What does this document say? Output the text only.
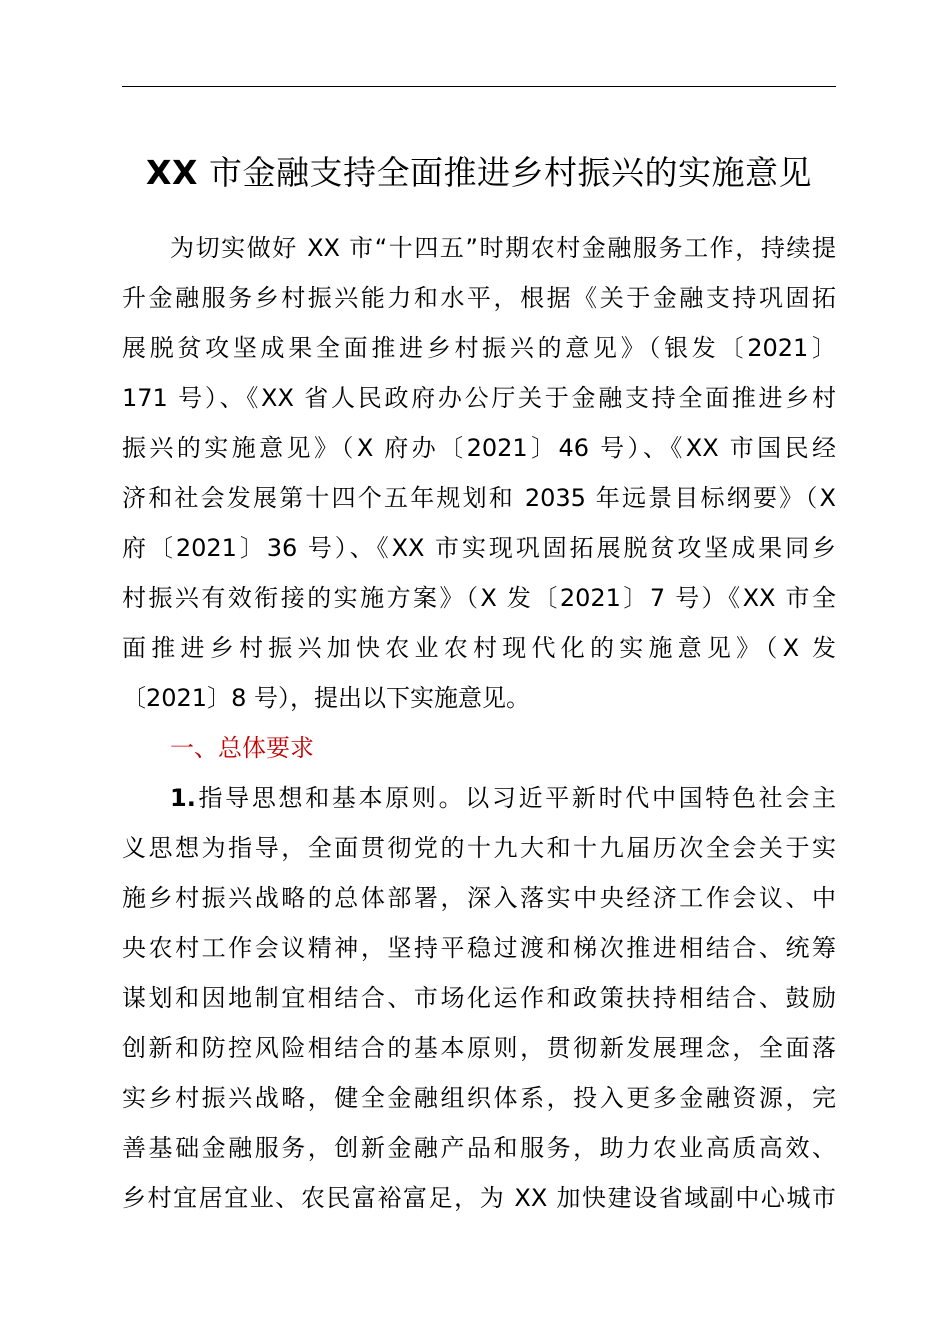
XX 市金融支持全面推进乡村振兴的实施意见
为切实做好 XX 市“十四五”时期农村金融服务工作，持续提
升金融服务乡村振兴能力和水平，根据《关于金融支持巩固拓
展脱贫攻坚成果全面推进乡村振兴的意见》（银发〔2021〕
171 号）、《XX 省人民政府办公厅关于金融支持全面推进乡村
振兴的实施意见》（X 府办〔2021〕46 号）、《XX 市国民经
济和社会发展第十四个五年规划和 2035 年远景目标纲要》（X
府〔2021〕36 号）、《XX 市实现巩固拓展脱贫攻坚成果同乡
村振兴有效衔接的实施方案》（X 发〔2021〕7 号）《XX 市全
面推进乡村振兴加快农业农村现代化的实施意见》（X 发
〔2021〕8 号），提出以下实施意见。
一、总体要求
1.指导思想和基本原则。以习近平新时代中国特色社会主
义思想为指导，全面贯彻党的十九大和十九届历次全会关于实
施乡村振兴战略的总体部署，深入落实中央经济工作会议、中
央农村工作会议精神，坚持平稳过渡和梯次推进相结合、统筹
谋划和因地制宜相结合、市场化运作和政策扶持相结合、鼓励
创新和防控风险相结合的基本原则，贯彻新发展理念，全面落
实乡村振兴战略，健全金融组织体系，投入更多金融资源，完
善基础金融服务，创新金融产品和服务，助力农业高质高效、
乡村宜居宜业、农民富裕富足，为 XX 加快建设省域副中心城市
